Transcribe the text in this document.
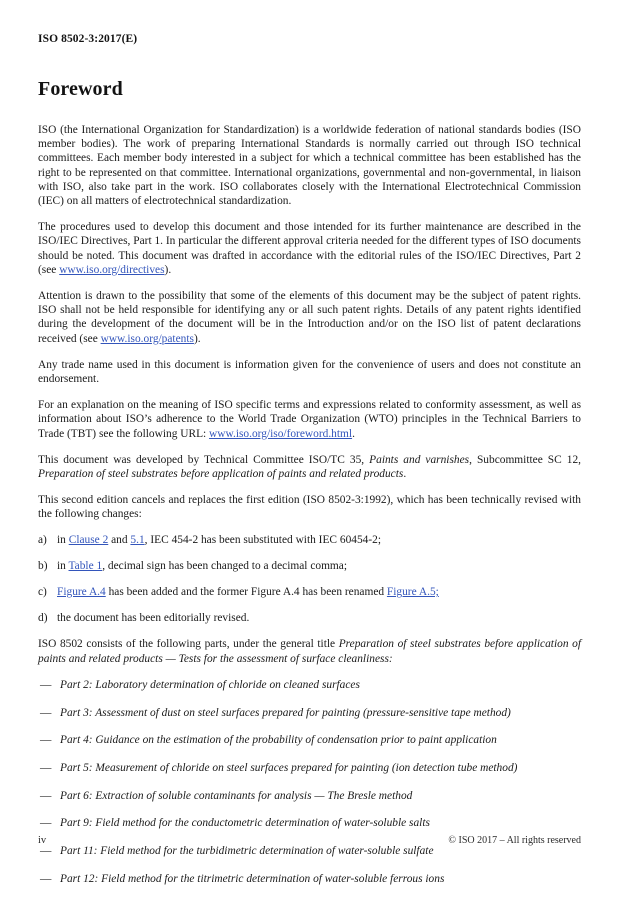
ISO 8502-3:2017(E)
Foreword

ISO (the International Organization for Standardization) is a worldwide federation of national standards bodies (ISO member bodies). The work of preparing International Standards is normally carried out through ISO technical committees. Each member body interested in a subject for which a technical committee has been established has the right to be represented on that committee. International organizations, governmental and non-governmental, in liaison with ISO, also take part in the work. ISO collaborates closely with the International Electrotechnical Commission (IEC) on all matters of electrotechnical standardization.

The procedures used to develop this document and those intended for its further maintenance are described in the ISO/IEC Directives, Part 1. In particular the different approval criteria needed for the different types of ISO documents should be noted. This document was drafted in accordance with the editorial rules of the ISO/IEC Directives, Part 2 (see www.iso.org/directives).

Attention is drawn to the possibility that some of the elements of this document may be the subject of patent rights. ISO shall not be held responsible for identifying any or all such patent rights. Details of any patent rights identified during the development of the document will be in the Introduction and/or on the ISO list of patent declarations received (see www.iso.org/patents).

Any trade name used in this document is information given for the convenience of users and does not constitute an endorsement.

For an explanation on the meaning of ISO specific terms and expressions related to conformity assessment, as well as information about ISO’s adherence to the World Trade Organization (WTO) principles in the Technical Barriers to Trade (TBT) see the following URL: www.iso.org/iso/foreword.html.

This document was developed by Technical Committee ISO/TC 35, Paints and varnishes, Subcommittee SC 12, Preparation of steel substrates before application of paints and related products.

This second edition cancels and replaces the first edition (ISO 8502-3:1992), which has been technically revised with the following changes:

a) in Clause 2 and 5.1, IEC 454-2 has been substituted with IEC 60454-2;
b) in Table 1, decimal sign has been changed to a decimal comma;
c) Figure A.4 has been added and the former Figure A.4 has been renamed Figure A.5;
d) the document has been editorially revised.

ISO 8502 consists of the following parts, under the general title Preparation of steel substrates before application of paints and related products — Tests for the assessment of surface cleanliness:

— Part 2: Laboratory determination of chloride on cleaned surfaces
— Part 3: Assessment of dust on steel surfaces prepared for painting (pressure-sensitive tape method)
— Part 4: Guidance on the estimation of the probability of condensation prior to paint application
— Part 5: Measurement of chloride on steel surfaces prepared for painting (ion detection tube method)
— Part 6: Extraction of soluble contaminants for analysis — The Bresle method
— Part 9: Field method for the conductometric determination of water-soluble salts
— Part 11: Field method for the turbidimetric determination of water-soluble sulfate
— Part 12: Field method for the titrimetric determination of water-soluble ferrous ions
iv	© ISO 2017 – All rights reserved
